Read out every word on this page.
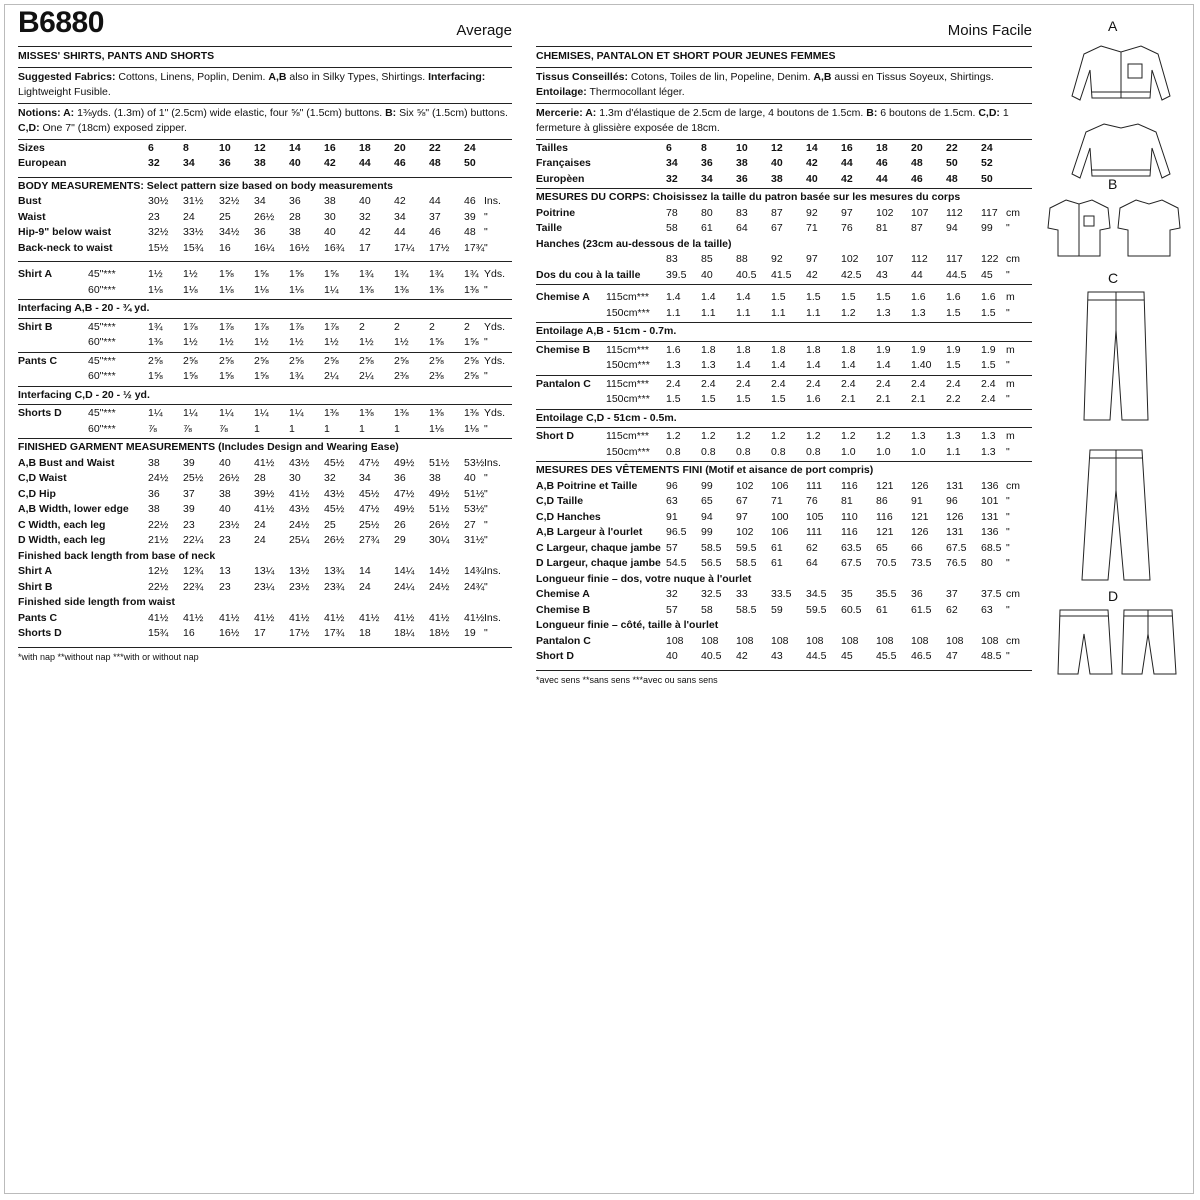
B6880	Average
MISSES' SHIRTS, PANTS AND SHORTS
Suggested Fabrics: Cottons, Linens, Poplin, Denim. A,B also in Silky Types, Shirtings. Interfacing: Lightweight Fusible.
Notions: A: 1⅜yds. (1.3m) of 1" (2.5cm) wide elastic, four ⅝" (1.5cm) buttons. B: Six ⅝" (1.5cm) buttons. C,D: One 7" (18cm) exposed zipper.
Sizes	6	8	10 12 14 16 18 20 22 24
European	32 34 36 38 40 42 44 46 48 50
BODY MEASUREMENTS: Select pattern size based on body measurements
Bust	30½ 31½ 32½ 34 36 38 40 42 44 46 Ins.
Waist	23 24 25 26½ 28 30 32 34 37 39 "
Hip-9" below waist	32½ 33½ 34½ 36 38 40 42 44 46 48 "
Back-neck to waist	15½ 15¾ 16 16¼ 16½ 16¾ 17 17¼ 17½ 17¾ "
Shirt A	45"***	1½ 1½ 1⅝ 1⅝ 1⅝ 1⅝ 1¾ 1¾ 1¾ 1¾ Yds.
60"***	1⅛ 1⅛ 1⅛ 1⅛ 1⅛ 1¼ 1⅜ 1⅜ 1⅜ 1⅜ "
Interfacing A,B - 20 - ¾ yd.
Shirt B	45"***	1¾ 1⅞ 1⅞ 1⅞ 1⅞ 1⅞ 2	2	2	2 Yds.
60"***	1⅜ 1½ 1½ 1½ 1½ 1½ 1½ 1½ 1⅝ 1⅝ "
Pants C	45"***	2⅝ 2⅝ 2⅝ 2⅝ 2⅝ 2⅝ 2⅝ 2⅝ 2⅝ 2⅝ Yds.
60"***	1⅝ 1⅝ 1⅝ 1⅝ 1¾ 2¼ 2¼ 2⅜ 2⅜ 2⅝ "
Interfacing C,D - 20 - ½ yd.
Shorts D 45"***	1¼ 1¼ 1¼ 1¼ 1¼ 1⅜ 1⅜ 1⅜ 1⅜ 1⅜ Yds.
60"***	⅞ ⅞	⅞ 1	1	1	1	1	1⅛ 1⅛ "
FINISHED GARMENT MEASUREMENTS (Includes Design and Wearing Ease)
A,B Bust and Waist	38 39 40 41½ 43½ 45½ 47½ 49½ 51½ 53½ Ins.
C,D Waist	24½ 25½ 26½ 28 30 32 34 36 38 40 "
C,D Hip	36 37 38 39½ 41½ 43½ 45½ 47½ 49½ 51½ "
A,B Width, lower edge 38 39 40 41½ 43½ 45½ 47½ 49½ 51½ 53½ "
C Width, each leg	22½ 23 23½ 24 24½ 25 25½ 26 26½ 27 "
D Width, each leg	21½ 22¼ 23 24 25¼ 26½ 27¾ 29 30¼ 31½ "
Finished back length from base of neck
Shirt A	12½ 12¾ 13 13¼ 13½ 13¾ 14 14¼ 14½ 14¾ Ins.
Shirt B	22½ 22¾ 23 23¼ 23½ 23¾ 24 24¼ 24½ 24¾ "
Finished side length from waist
Pants C	41½ 41½ 41½ 41½ 41½ 41½ 41½ 41½ 41½ 41½ Ins.
Shorts D	15¾ 16 16½ 17 17½ 17¾ 18 18¼ 18½ 19 "
*with nap **without nap ***with or without nap
Moins Facile
CHEMISES, PANTALON ET SHORT POUR JEUNES FEMMES
Tissus Conseillés: Cotons, Toiles de lin, Popeline, Denim. A,B aussi en Tissus Soyeux, Shirtings. Entoilage: Thermocollant léger.
Mercerie: A: 1.3m d'élastique de 2.5cm de large, 4 boutons de 1.5cm. B: 6 boutons de 1.5cm. C,D: 1 fermeture à glissière exposée de 18cm.
Tailles	6	8	10 12 14 16 18 20 22 24
Françaises	34 36 38 40 42 44 46 48 50 52
Europèen	32 34 36 38 40 42 44 46 48 50
MESURES DU CORPS: Choisissez la taille du patron basée sur les mesures du corps
Poitrine	78 80 83 87 92 97 102 107 112 117 cm
Taille	58 61 64 67 71 76 81 87 94 99 "
Hanches (23cm au-dessous de la taille)
83 85 88 92 97 102 107 112 117 122 cm
Dos du cou à la taille 39.5 40 40.5 41.5 42 42.5 43 44 44.5 45 "
Chemise A 115cm*** 1.4 1.4 1.4 1.5 1.5 1.5 1.5 1.6 1.6 1.6 m
150cm*** 1.1 1.1 1.1 1.1 1.1 1.2 1.3 1.3 1.5 1.5 "
Entoilage A,B - 51cm - 0.7m.
Chemise B 115cm*** 1.6 1.8 1.8 1.8 1.8 1.8 1.9 1.9 1.9 1.9 m
150cm*** 1.3 1.3 1.4 1.4 1.4 1.4 1.4 1.40 1.5 1.5 "
Pantalon C 115cm*** 2.4 2.4 2.4 2.4 2.4 2.4 2.4 2.4 2.4 2.4 m
150cm*** 1.5 1.5 1.5 1.5 1.6 2.1 2.1 2.1 2.2 2.4 "
Entoilage C,D - 51cm - 0.5m.
Short D	115cm*** 1.2 1.2 1.2 1.2 1.2 1.2 1.2 1.3 1.3 1.3 m
150cm*** 0.8 0.8 0.8 0.8 0.8 1.0 1.0 1.0 1.1 1.3 "
MESURES DES VÊTEMENTS FINI (Motif et aisance de port compris)
A,B Poitrine et Taille	96 99 102 106 111 116 121 126 131 136 cm
C,D Taille	63 65 67 71 76 81 86 91 96 101 "
C,D Hanches	91 94 97 100 105 110 116 121 126 131 "
A,B Largeur à l'ourlet 96.5 99 102 106 111 116 121 126 131 136 "
C Largeur, chaque jambe 57 58.5 59.5 61 62 63.5 65 66 67.5 68.5 "
D Largeur, chaque jambe 54.5 56.5 58.5 61 64 67.5 70.5 73.5 76.5 80 "
Longueur finie – dos, votre nuque à l'ourlet
Chemise A	32 32.5 33 33.5 34.5 35 35.5 36 37 37.5 cm
Chemise B	57 58 58.5 59 59.5 60.5 61 61.5 62 63 "
Longueur finie – côté, taille à l'ourlet
Pantalon C	108 108 108 108 108 108 108 108 108 108 cm
Short D	40 40.5 42 43 44.5 45 45.5 46.5 47 48.5 "
*avec sens **sans sens ***avec ou sans sens
A
B
C
D
